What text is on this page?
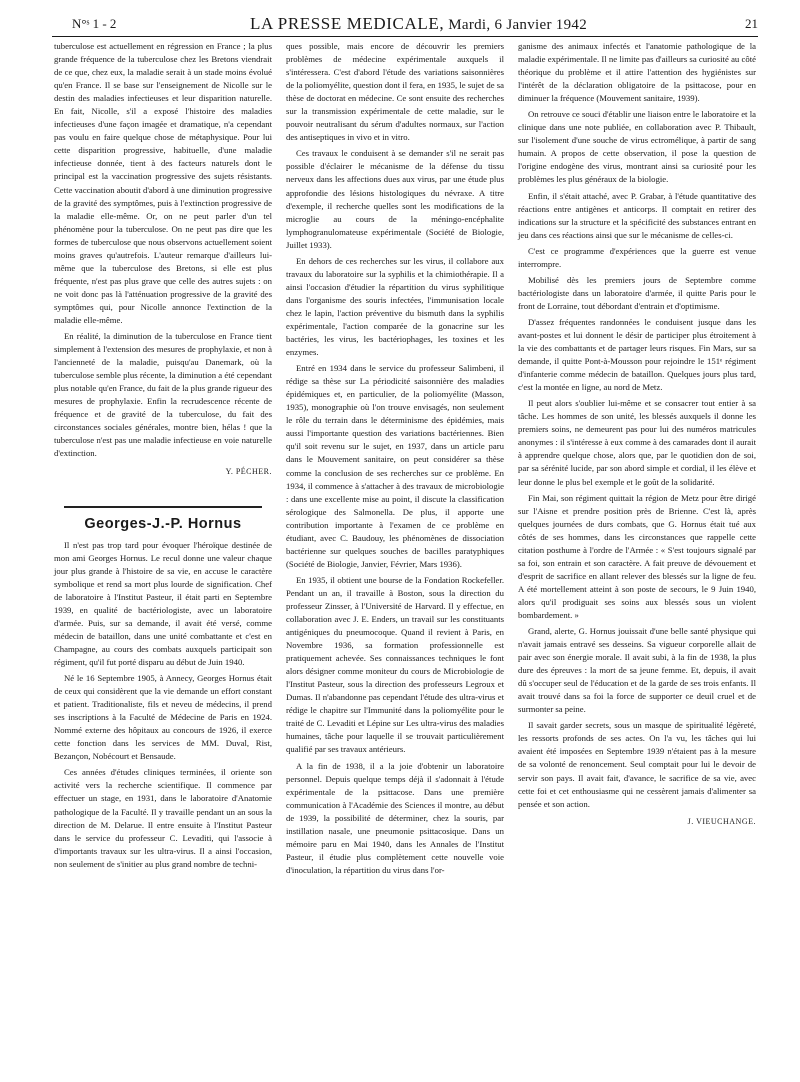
N°ˢ 1 - 2	LA PRESSE MEDICALE, Mardi, 6 Janvier 1942	21

tuberculose est actuellement en régression en France ; la plus grande fréquence de la tuberculose chez les Bretons viendrait de ce que, chez eux, la maladie serait à un stade moins évolué qu'en France. Il se base sur l'enseignement de Nicolle sur le destin des maladies infectieuses et leur disparition naturelle. En fait, Nicolle, s'il a exposé l'histoire des maladies infectieuses d'une façon imagée et dramatique, n'a cependant pas voulu en faire quelque chose de métaphysique. Pour lui cette disparition progressive, habituelle, d'une maladie infectieuse donnée, tient à des facteurs naturels dont le principal est la vaccination progressive des sujets résistants. Cette vaccination aboutit d'abord à une diminution progressive de la gravité des symptômes, puis à l'extinction progressive de la maladie elle-même. Or, on ne peut parler d'un tel phénomène pour la tuberculose. On ne peut pas dire que les formes de tuberculose que nous observons actuellement soient moins graves qu'autrefois. L'auteur remarque d'ailleurs lui-même que la tuberculose des Bretons, si elle est plus fréquente, n'est pas plus grave que celle des autres sujets : on ne voit donc pas là l'atténuation progressive de la gravité des symptômes qui, pour Nicolle annonce l'extinction de la maladie elle-même.

En réalité, la diminution de la tuberculose en France tient simplement à l'extension des mesures de prophylaxie, et non à l'ancienneté de la maladie, puisqu'au Danemark, où la tuberculose semble plus récente, la diminution a été cependant plus notable qu'en France, du fait de la plus grande rigueur des mesures de prophylaxie. Enfin la recrudescence récente de fréquence et de gravité de la tuberculose, du fait des circonstances sociales générales, montre bien, hélas ! que la tuberculose n'est pas une maladie infectieuse en voie naturelle d'extinction.

Y. PÉCHER.
Georges-J.-P. Hornus

Il n'est pas trop tard pour évoquer l'héroïque destinée de mon ami Georges Hornus. Le recul donne une valeur chaque jour plus grande à l'histoire de sa vie, en accuse le caractère symbolique et rend sa mort plus lourde de signification. Chef de laboratoire à l'Institut Pasteur, il était parti en Septembre 1939, en qualité de bactériologiste, avec un laboratoire d'armée. Puis, sur sa demande, il avait été versé, comme médecin de bataillon, dans une unité combattante et c'est en Champagne, au cours des combats auxquels participait son régiment, qu'il fut porté disparu au début de Juin 1940.

Né le 16 Septembre 1905, à Annecy, Georges Hornus était de ceux qui considèrent que la vie demande un effort constant et patient. Traditionaliste, fils et neveu de médecins, il prend ses inscriptions à la Faculté de Médecine de Paris en 1924. Nommé externe des hôpitaux au concours de 1926, il exerce cette fonction dans les services de MM. Duval, Rist, Bezançon, Nobécourt et Bensaude.

Ces années d'études cliniques terminées, il oriente son activité vers la recherche scientifique. Il commence par effectuer un stage, en 1931, dans le laboratoire d'Anatomie pathologique de la Faculté. Il y travaille pendant un an sous la direction de M. Delarue. Il entre ensuite à l'Institut Pasteur dans le service du professeur C. Levaditi, qui l'associe à d'importants travaux sur les ultra-virus. Il a ainsi l'occasion, non seulement de s'initier au plus grand nombre de techni-

ques possible, mais encore de découvrir les premiers problèmes de médecine expérimentale auxquels il s'intéressera. C'est d'abord l'étude des variations saisonnières de la poliomyélite, question dont il fera, en 1935, le sujet de sa thèse de doctorat en médecine. Ce sont ensuite des recherches sur la transmission expérimentale de cette maladie, sur le pouvoir neutralisant du sérum d'adultes normaux, sur l'action des antiseptiques in vivo et in vitro.

Ces travaux le conduisent à se demander s'il ne serait pas possible d'éclairer le mécanisme de la défense du tissu nerveux dans les affections dues aux virus, par une étude plus approfondie des lésions histologiques du névraxe. A titre d'exemple, il recherche quelles sont les modifications de la microglie au cours de la méningo-encéphalite lymphogranulomateuse expérimentale (Société de Biologie, Juillet 1933).

En dehors de ces recherches sur les virus, il collabore aux travaux du laboratoire sur la syphilis et la chimiothérapie. Il a ainsi l'occasion d'étudier la répartition du virus syphilitique dans l'organisme des souris infectées, l'immunisation locale chez le lapin, l'action préventive du bismuth dans la syphilis expérimentale, l'action comparée de la gonacrine sur les bactéries, les virus, les bactériophages, les toxines et les enzymes.

Entré en 1934 dans le service du professeur Salimbeni, il rédige sa thèse sur La périodicité saisonnière des maladies épidémiques et, en particulier, de la poliomyélite (Masson, 1935), monographie où l'on trouve envisagés, non seulement le rôle du terrain dans le déterminisme des épidémies, mais aussi l'importante question des variations bactériennes. Bien qu'il soit revenu sur le sujet, en 1937, dans un article paru dans le Mouvement sanitaire, on peut considérer sa thèse comme la conclusion de ses recherches sur ce problème. En 1934, il commence à s'attacher à des travaux de microbiologie : dans une excellente mise au point, il discute la classification sérologique des Salmonella. De plus, il apporte une contribution importante à l'examen de ce problème en étudiant, avec C. Baudouy, les phénomènes de dissociation bactérienne sur quelques souches de bacilles paratyphiques (Société de Biologie, Janvier, Février, Mars 1936).

En 1935, il obtient une bourse de la Fondation Rockefeller. Pendant un an, il travaille à Boston, sous la direction du professeur Zinsser, à l'Université de Harvard. Il y effectue, en collaboration avec J. E. Enders, un travail sur les constituants antigéniques du pneumocoque. Quand il revient à Paris, en Novembre 1936, sa formation professionnelle est pratiquement achevée. Ses connaissances techniques le font alors désigner comme moniteur du cours de Microbiologie de l'Institut Pasteur, sous la direction des professeurs Legroux et Dumas. Il n'abandonne pas cependant l'étude des ultra-virus et rédige le chapitre sur l'Immunité dans la poliomyélite pour le traité de C. Levaditi et Lépine sur Les ultra-virus des maladies humaines, tâche pour laquelle il se trouvait particulièrement qualifié par ses travaux antérieurs.

A la fin de 1938, il a la joie d'obtenir un laboratoire personnel. Depuis quelque temps déjà il s'adonnait à l'étude expérimentale de la psittacose. Dans une première communication à l'Académie des Sciences il montre, au début de 1939, la possibilité de déterminer, chez la souris, par instillation nasale, une pneumonie psittacosique. Dans un mémoire paru en Mai 1940, dans les Annales de l'Institut Pasteur, il étudie plus complètement cette nouvelle voie d'inoculation, la répartition du virus dans l'or-

ganisme des animaux infectés et l'anatomie pathologique de la maladie expérimentale. Il ne limite pas d'ailleurs sa curiosité au côté théorique du problème et il attire l'attention des hygiénistes sur l'intérêt de la déclaration obligatoire de la psittacose, pour en diminuer la fréquence (Mouvement sanitaire, 1939).

On retrouve ce souci d'établir une liaison entre le laboratoire et la clinique dans une note publiée, en collaboration avec P. Thibault, sur l'isolement d'une souche de virus ectromélique, à partir de sang humain. A propos de cette observation, il pose la question de l'origine endogène des virus, montrant ainsi sa curiosité pour les problèmes les plus généraux de la biologie.

Enfin, il s'était attaché, avec P. Grabar, à l'étude quantitative des réactions entre antigènes et anticorps. Il comptait en retirer des indications sur la structure et la spécificité des substances entrant en jeu dans ces réactions ainsi que sur le mécanisme de celles-ci.

C'est ce programme d'expériences que la guerre est venue interrompre.

Mobilisé dès les premiers jours de Septembre comme bactériologiste dans un laboratoire d'armée, il quitte Paris pour le front de Lorraine, tout débordant d'entrain et d'optimisme.

D'assez fréquentes randonnées le conduisent jusque dans les avant-postes et lui donnent le désir de participer plus étroitement à la vie des combattants et de partager leurs risques. Fin Mars, sur sa demande, il quitte Pont-à-Mousson pour rejoindre le 151ᵉ régiment d'infanterie comme médecin de bataillon. Quelques jours plus tard, c'est la montée en ligne, au nord de Metz.

Il peut alors s'oublier lui-même et se consacrer tout entier à sa tâche. Les hommes de son unité, les blessés auxquels il donne les premiers soins, ne demeurent pas pour lui des numéros matricules anonymes : il s'intéresse à eux comme à des camarades dont il aurait à apprendre quelque chose, alors que, par le quotidien don de soi, par sa sérénité lucide, par son abord simple et cordial, il les élève et leur donne le plus bel exemple et le goût de la solidarité.

Fin Mai, son régiment quittait la région de Metz pour être dirigé sur l'Aisne et prendre position près de Brienne. C'est là, après quelques journées de durs combats, que G. Hornus était tué aux côtés de ses hommes, dans les circonstances que rappelle cette citation posthume à l'ordre de l'Armée : « S'est toujours signalé par sa foi, son entrain et son caractère. A fait preuve de dévouement et d'esprit de sacrifice en allant relever des blessés sur la ligne de feu. A été mortellement atteint à son poste de secours, le 9 Juin 1940, alors qu'il prodiguait ses soins aux blessés sous un violent bombardement. »

Grand, alerte, G. Hornus jouissait d'une belle santé physique qui n'avait jamais entravé ses desseins. Sa vigueur corporelle allait de pair avec son énergie morale. Il avait subi, à la fin de 1938, la plus dure des épreuves : la mort de sa jeune femme. Et, depuis, il avait dû s'occuper seul de l'éducation et de la garde de ses trois enfants. Il avait trouvé dans sa foi la force de supporter ce deuil cruel et de surmonter sa peine.

Il savait garder secrets, sous un masque de spiritualité légèreté, les ressorts profonds de ses actes. On l'a vu, les tâches qui lui avaient été imposées en Septembre 1939 n'étaient pas à la mesure de sa volonté de renoncement. Seul comptait pour lui le devoir de servir son pays. Il avait fait, d'avance, le sacrifice de sa vie, avec cette foi et cet enthousiasme qui ne cessèrent jamais d'alimenter sa pensée et son action.

J. VIEUCHANGE.
